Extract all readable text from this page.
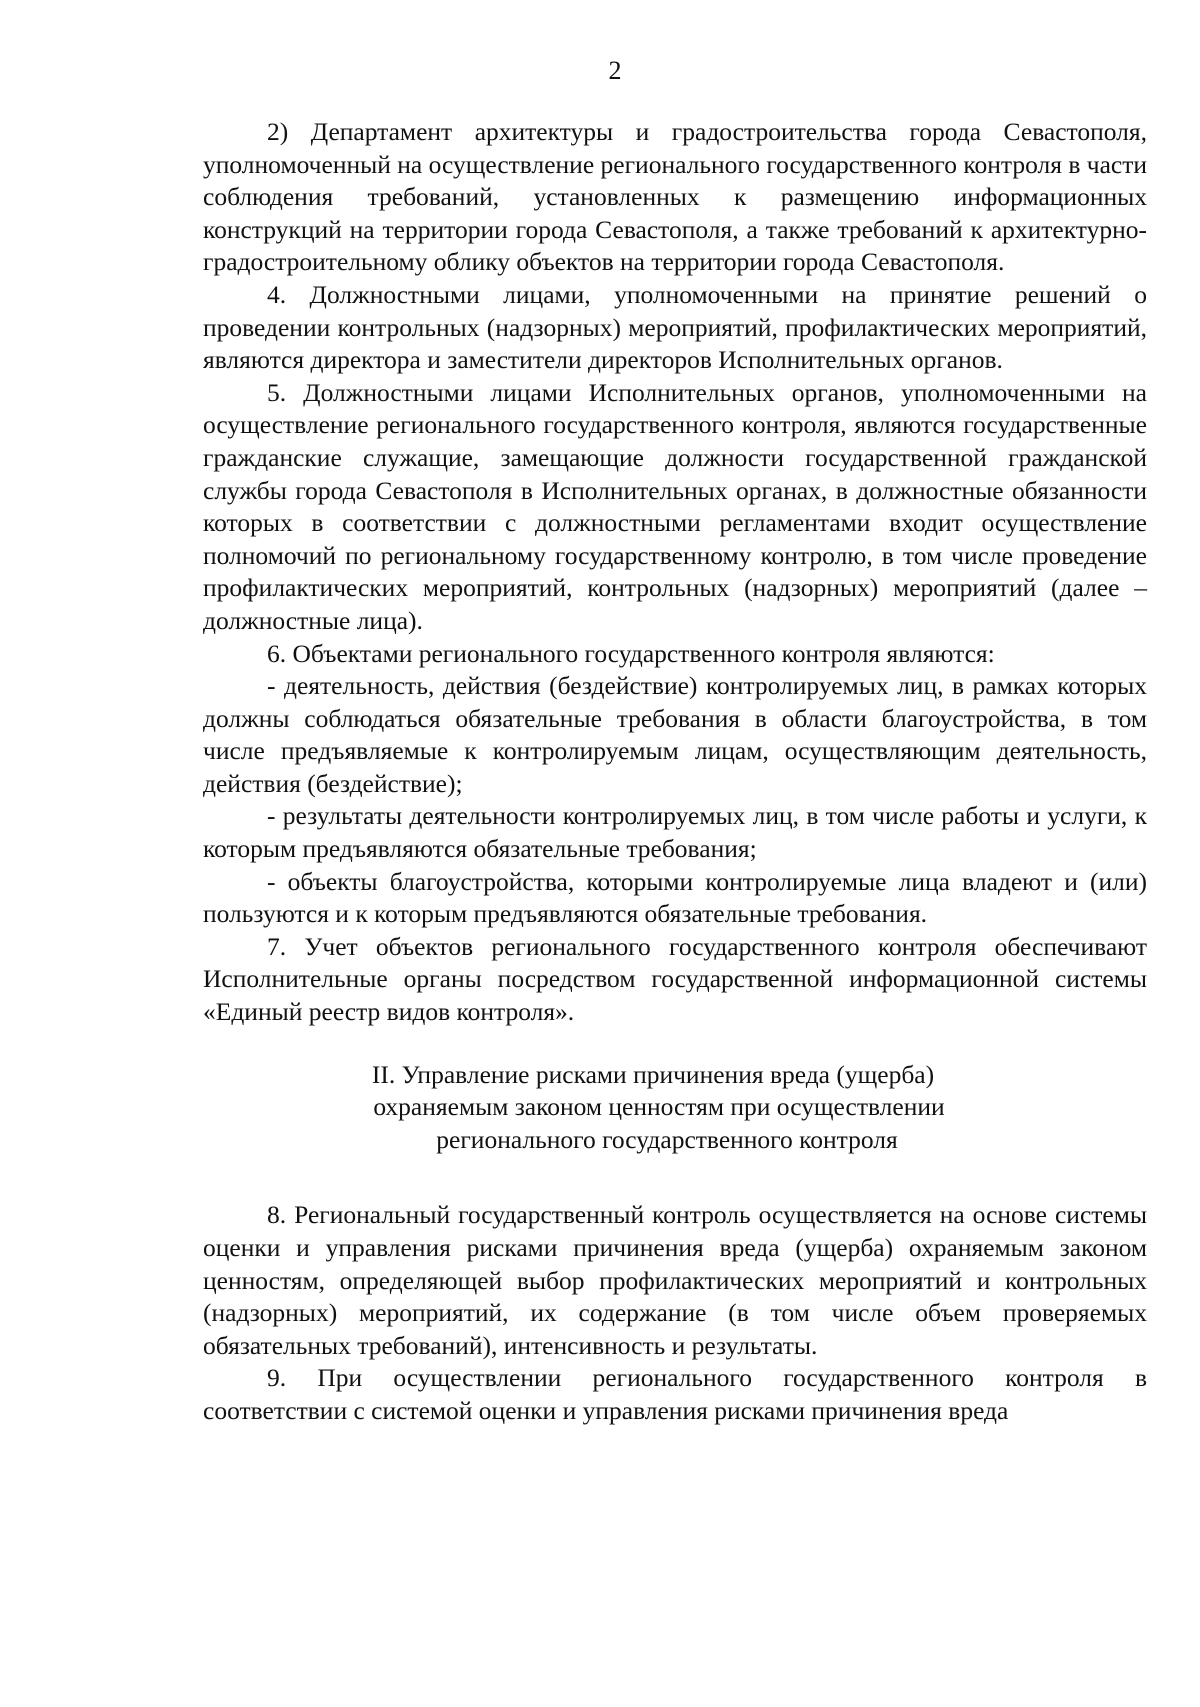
2

2) Департамент архитектуры и градостроительства города Севастополя, уполномоченный на осуществление регионального государственного контроля в части соблюдения требований, установленных к размещению информационных конструкций на территории города Севастополя, а также требований к архитектурно-градостроительному облику объектов на территории города Севастополя.

4. Должностными лицами, уполномоченными на принятие решений о проведении контрольных (надзорных) мероприятий, профилактических мероприятий, являются директора и заместители директоров Исполнительных органов.

5. Должностными лицами Исполнительных органов, уполномоченными на осуществление регионального государственного контроля, являются государственные гражданские служащие, замещающие должности государственной гражданской службы города Севастополя в Исполнительных органах, в должностные обязанности которых в соответствии с должностными регламентами входит осуществление полномочий по региональному государственному контролю, в том числе проведение профилактических мероприятий, контрольных (надзорных) мероприятий (далее – должностные лица).

6. Объектами регионального государственного контроля являются:

- деятельность, действия (бездействие) контролируемых лиц, в рамках которых должны соблюдаться обязательные требования в области благоустройства, в том числе предъявляемые к контролируемым лицам, осуществляющим деятельность, действия (бездействие);

- результаты деятельности контролируемых лиц, в том числе работы и услуги, к которым предъявляются обязательные требования;

- объекты благоустройства, которыми контролируемые лица владеют и (или) пользуются и к которым предъявляются обязательные требования.

7. Учет объектов регионального государственного контроля обеспечивают Исполнительные органы посредством государственной информационной системы «Единый реестр видов контроля».

II. Управление рисками причинения вреда (ущерба)
охраняемым законом ценностям при осуществлении
регионального государственного контроля

8. Региональный государственный контроль осуществляется на основе системы оценки и управления рисками причинения вреда (ущерба) охраняемым законом ценностям, определяющей выбор профилактических мероприятий и контрольных (надзорных) мероприятий, их содержание (в том числе объем проверяемых обязательных требований), интенсивность и результаты.

9. При осуществлении регионального государственного контроля в соответствии с системой оценки и управления рисками причинения вреда
